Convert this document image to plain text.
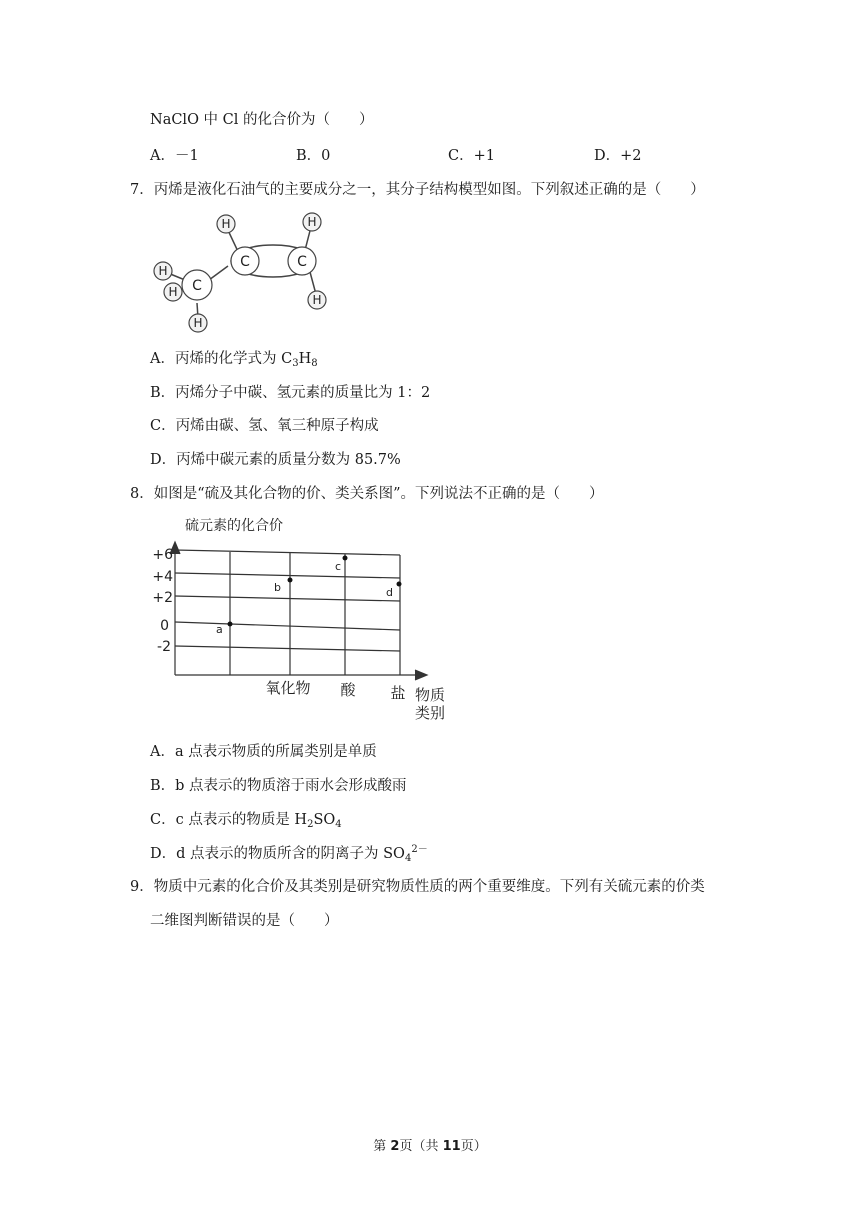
NaClO 中 Cl 的化合价为（　　）
A．－1	B．0	C．+1	D．+2
7．丙烯是液化石油气的主要成分之一，其分子结构模型如图。下列叙述正确的是（　　）
H	H
C	C
H
H
C
H
H
A．丙烯的化学式为 $C_3H_8$
B．丙烯分子中碳、氢元素的质量比为 1：2
C．丙烯由碳、氢、氧三种原子构成
D．丙烯中碳元素的质量分数为 85.7%
8．如图是“硫及其化合物的价、类关系图”。下列说法不正确的是（　　）
硫元素的化合价
+6
+4
+2
0
-2
氧化物 酸 盐 物质
类别
a
b
c
d
A．a 点表示物质的所属类别是单质
B．b 点表示的物质溶于雨水会形成酸雨
C．c 点表示的物质是 $H_2SO_4$
D．d 点表示的物质所含的阴离子为 $SO_4^{2-}$
9．物质中元素的化合价及其类别是研究物质性质的两个重要维度。下列有关硫元素的价类
二维图判断错误的是（　　）
第 2页（共 11页）
